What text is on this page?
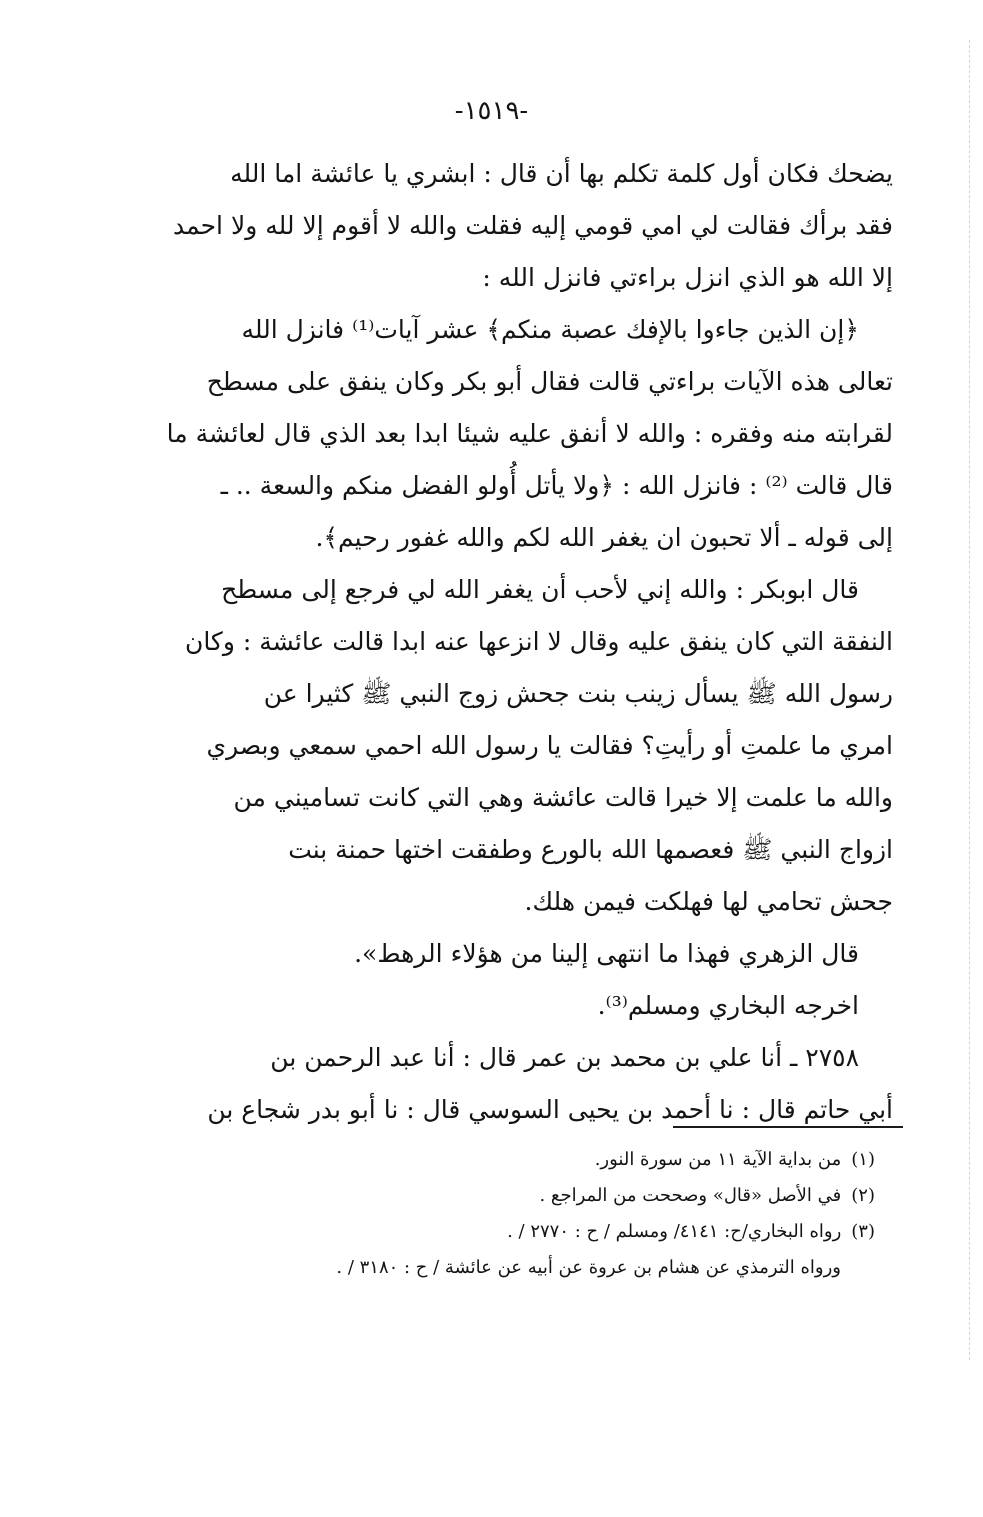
-١٥١٩-

يضحك فكان أول كلمة تكلم بها أن قال : ابشري يا عائشة اما الله

فقد برأك فقالت لي امي قومي إليه فقلت والله لا أقوم إلا لله ولا احمد

إلا الله هو الذي انزل براءتي فانزل الله :

﴿إن الذين جاءوا بالإفك عصبة منكم﴾ عشر آيات⁽¹⁾ فانزل الله

تعالى هذه الآيات براءتي قالت فقال أبو بكر وكان ينفق على مسطح

لقرابته منه وفقره : والله لا أنفق عليه شيئا ابدا بعد الذي قال لعائشة ما

قال قالت ⁽²⁾ : فانزل الله : ﴿ولا يأتل أُولو الفضل منكم والسعة .. ـ

إلى قوله ـ ألا تحبون ان يغفر الله لكم والله غفور رحيم﴾.

قال ابوبكر : والله إني لأحب أن يغفر الله لي فرجع إلى مسطح

النفقة التي كان ينفق عليه وقال لا انزعها عنه ابدا قالت عائشة : وكان

رسول الله ﷺ يسأل زينب بنت جحش زوج النبي ﷺ كثيرا عن

امري ما علمتِ أو رأيتِ؟ فقالت يا رسول الله احمي سمعي وبصري

والله ما علمت إلا خيرا قالت عائشة وهي التي كانت تساميني من

ازواج النبي ﷺ فعصمها الله بالورع وطفقت اختها حمنة بنت

جحش تحامي لها فهلكت فيمن هلك.

قال الزهري فهذا ما انتهى إلينا من هؤلاء الرهط».

اخرجه البخاري ومسلم⁽³⁾.

٢٧٥٨ ـ أنا علي بن محمد بن عمر قال : أنا عبد الرحمن بن

أبي حاتم قال : نا أحمد بن يحيى السوسي قال : نا أبو بدر شجاع بن

(١)من بداية الآية ١١ من سورة النور.

(٢)في الأصل «قال» وصححت من المراجع .

(٣)رواه البخاري/ح: ٤١٤١/ ومسلم / ح : ٢٧٧٠ / .

ورواه الترمذي عن هشام بن عروة عن أبيه عن عائشة / ح : ٣١٨٠ / .
